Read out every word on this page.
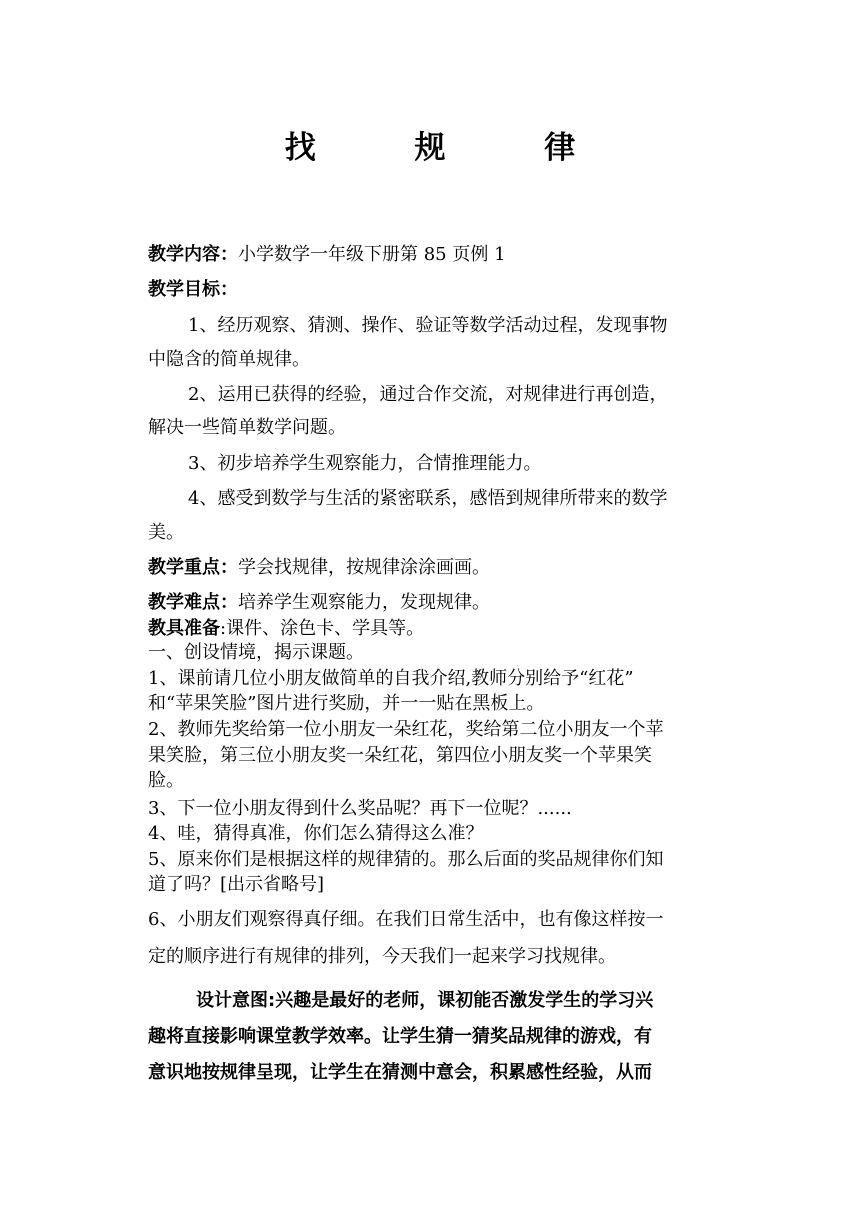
找 规 律
教学内容：小学数学一年级下册第 85 页例 1
教学目标：
1、经历观察、猜测、操作、验证等数学活动过程，发现事物
中隐含的简单规律。
2、运用已获得的经验，通过合作交流，对规律进行再创造，
解决一些简单数学问题。
3、初步培养学生观察能力，合情推理能力。
4、感受到数学与生活的紧密联系，感悟到规律所带来的数学
美。
教学重点：学会找规律，按规律涂涂画画。
教学难点：培养学生观察能力，发现规律。
教具准备:课件、涂色卡、学具等。
一、创设情境，揭示课题。
1、课前请几位小朋友做简单的自我介绍,教师分别给予“红花”
和“苹果笑脸”图片进行奖励，并一一贴在黑板上。
2、教师先奖给第一位小朋友一朵红花，奖给第二位小朋友一个苹
果笑脸，第三位小朋友奖一朵红花，第四位小朋友奖一个苹果笑
脸。
3、下一位小朋友得到什么奖品呢？再下一位呢？......
4、哇，猜得真准，你们怎么猜得这么准？
5、原来你们是根据这样的规律猜的。那么后面的奖品规律你们知
道了吗？[出示省略号]
6、小朋友们观察得真仔细。在我们日常生活中，也有像这样按一
定的顺序进行有规律的排列，今天我们一起来学习找规律。
设计意图:兴趣是最好的老师，课初能否激发学生的学习兴
趣将直接影响课堂教学效率。让学生猜一猜奖品规律的游戏，有
意识地按规律呈现，让学生在猜测中意会，积累感性经验，从而
